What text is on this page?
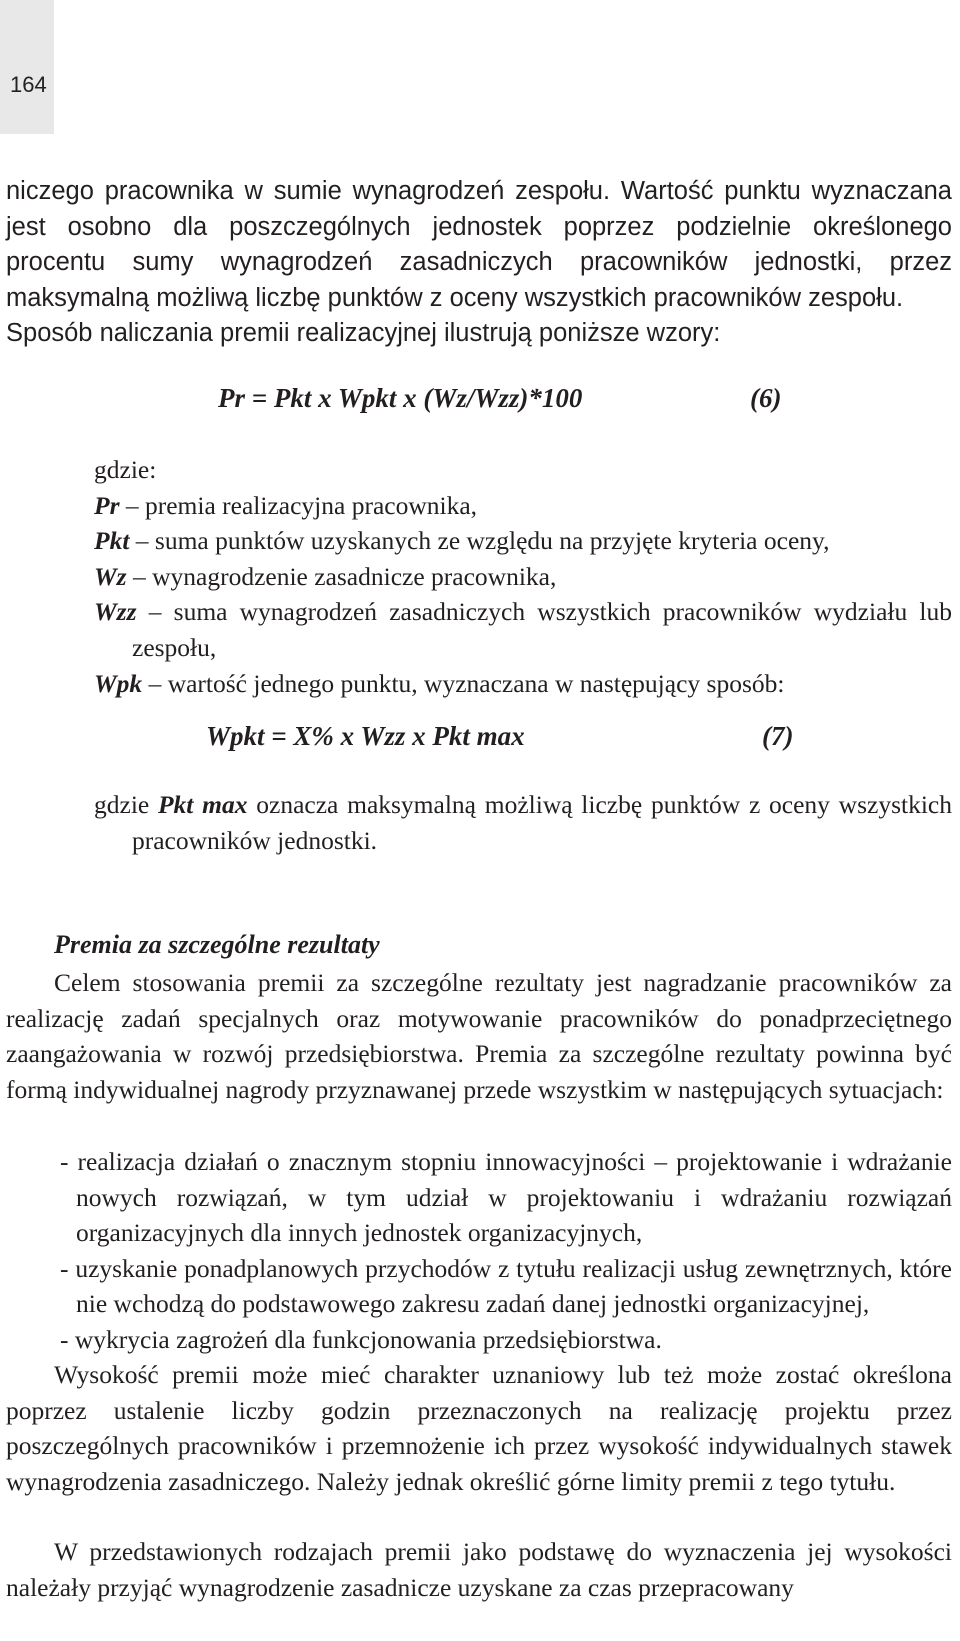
164

niczego pracownika w sumie wynagrodzeń zespołu. Wartość punktu wyznaczana jest osobno dla poszczególnych jednostek poprzez podzielnie określonego procentu sumy wynagrodzeń zasadniczych pracowników jednostki, przez maksymalną możliwą liczbę punktów z oceny wszystkich pracowników zespołu.

Sposób naliczania premii realizacyjnej ilustrują poniższe wzory:

Pr = Pkt x Wpkt x (Wz/Wzz)*100	(6)

gdzie:

Pr – premia realizacyjna pracownika,

Pkt – suma punktów uzyskanych ze względu na przyjęte kryteria oceny,

Wz – wynagrodzenie zasadnicze pracownika,

Wzz – suma wynagrodzeń zasadniczych wszystkich pracowników wydziału lub zespołu,

Wpk – wartość jednego punktu, wyznaczana w następujący sposób:

Wpkt = X% x Wzz x Pkt max	(7)

gdzie Pkt max oznacza maksymalną możliwą liczbę punktów z oceny wszystkich pracowników jednostki.

Premia za szczególne rezultaty

Celem stosowania premii za szczególne rezultaty jest nagradzanie pracowników za realizację zadań specjalnych oraz motywowanie pracowników do ponadprzeciętnego zaangażowania w rozwój przedsiębiorstwa. Premia za szczególne rezultaty powinna być formą indywidualnej nagrody przyznawanej przede wszystkim w następujących sytuacjach:

- realizacja działań o znacznym stopniu innowacyjności – projektowanie i wdrażanie nowych rozwiązań, w tym udział w projektowaniu i wdrażaniu rozwiązań organizacyjnych dla innych jednostek organizacyjnych,
- uzyskanie ponadplanowych przychodów z tytułu realizacji usług zewnętrznych, które nie wchodzą do podstawowego zakresu zadań danej jednostki organizacyjnej,
- wykrycia zagrożeń dla funkcjonowania przedsiębiorstwa.

Wysokość premii może mieć charakter uznaniowy lub też może zostać określona poprzez ustalenie liczby godzin przeznaczonych na realizację projektu przez poszczególnych pracowników i przemnożenie ich przez wysokość indywidualnych stawek wynagrodzenia zasadniczego. Należy jednak określić górne limity premii z tego tytułu.

W przedstawionych rodzajach premii jako podstawę do wyznaczenia jej wysokości należały przyjąć wynagrodzenie zasadnicze uzyskane za czas przepracowany
